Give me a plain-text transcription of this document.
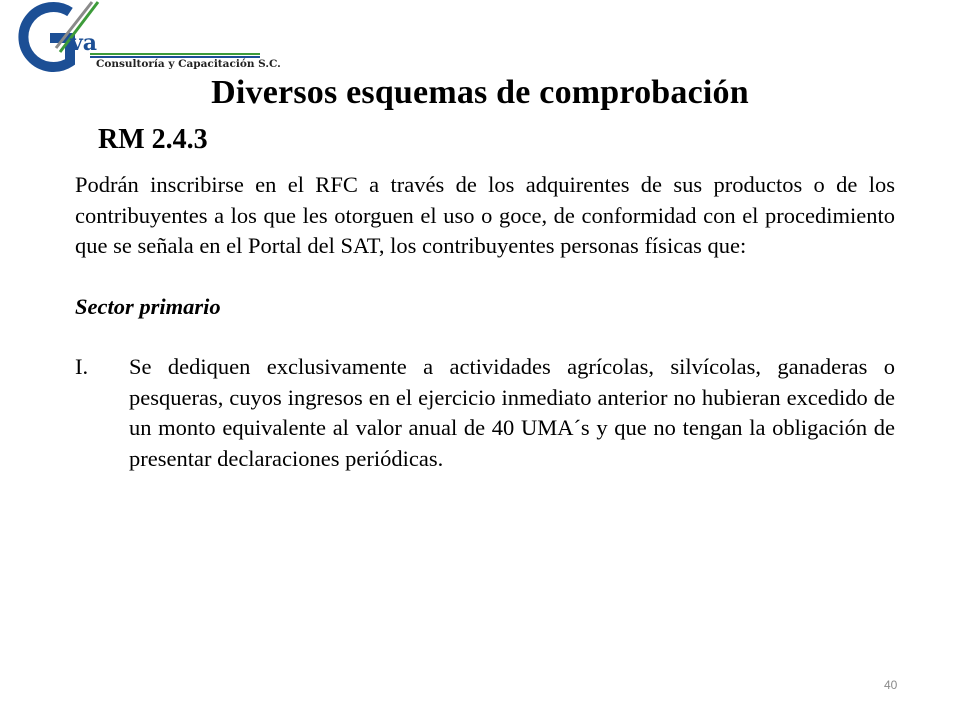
va
Consultoría y Capacitación S.C.
Diversos esquemas de comprobación
RM 2.4.3

Podrán inscribirse en el RFC a través de los adquirentes de sus productos o de los contribuyentes a los que les otorguen el uso o goce, de conformidad con el procedimiento que se señala en el Portal del SAT, los contribuyentes personas físicas que:

Sector primario

I.	Se dediquen exclusivamente a actividades agrícolas, silvícolas, ganaderas o pesqueras, cuyos ingresos en el ejercicio inmediato anterior no hubieran excedido de un monto equivalente al valor anual de 40 UMA´s y que no tengan la obligación de presentar declaraciones periódicas.
40
